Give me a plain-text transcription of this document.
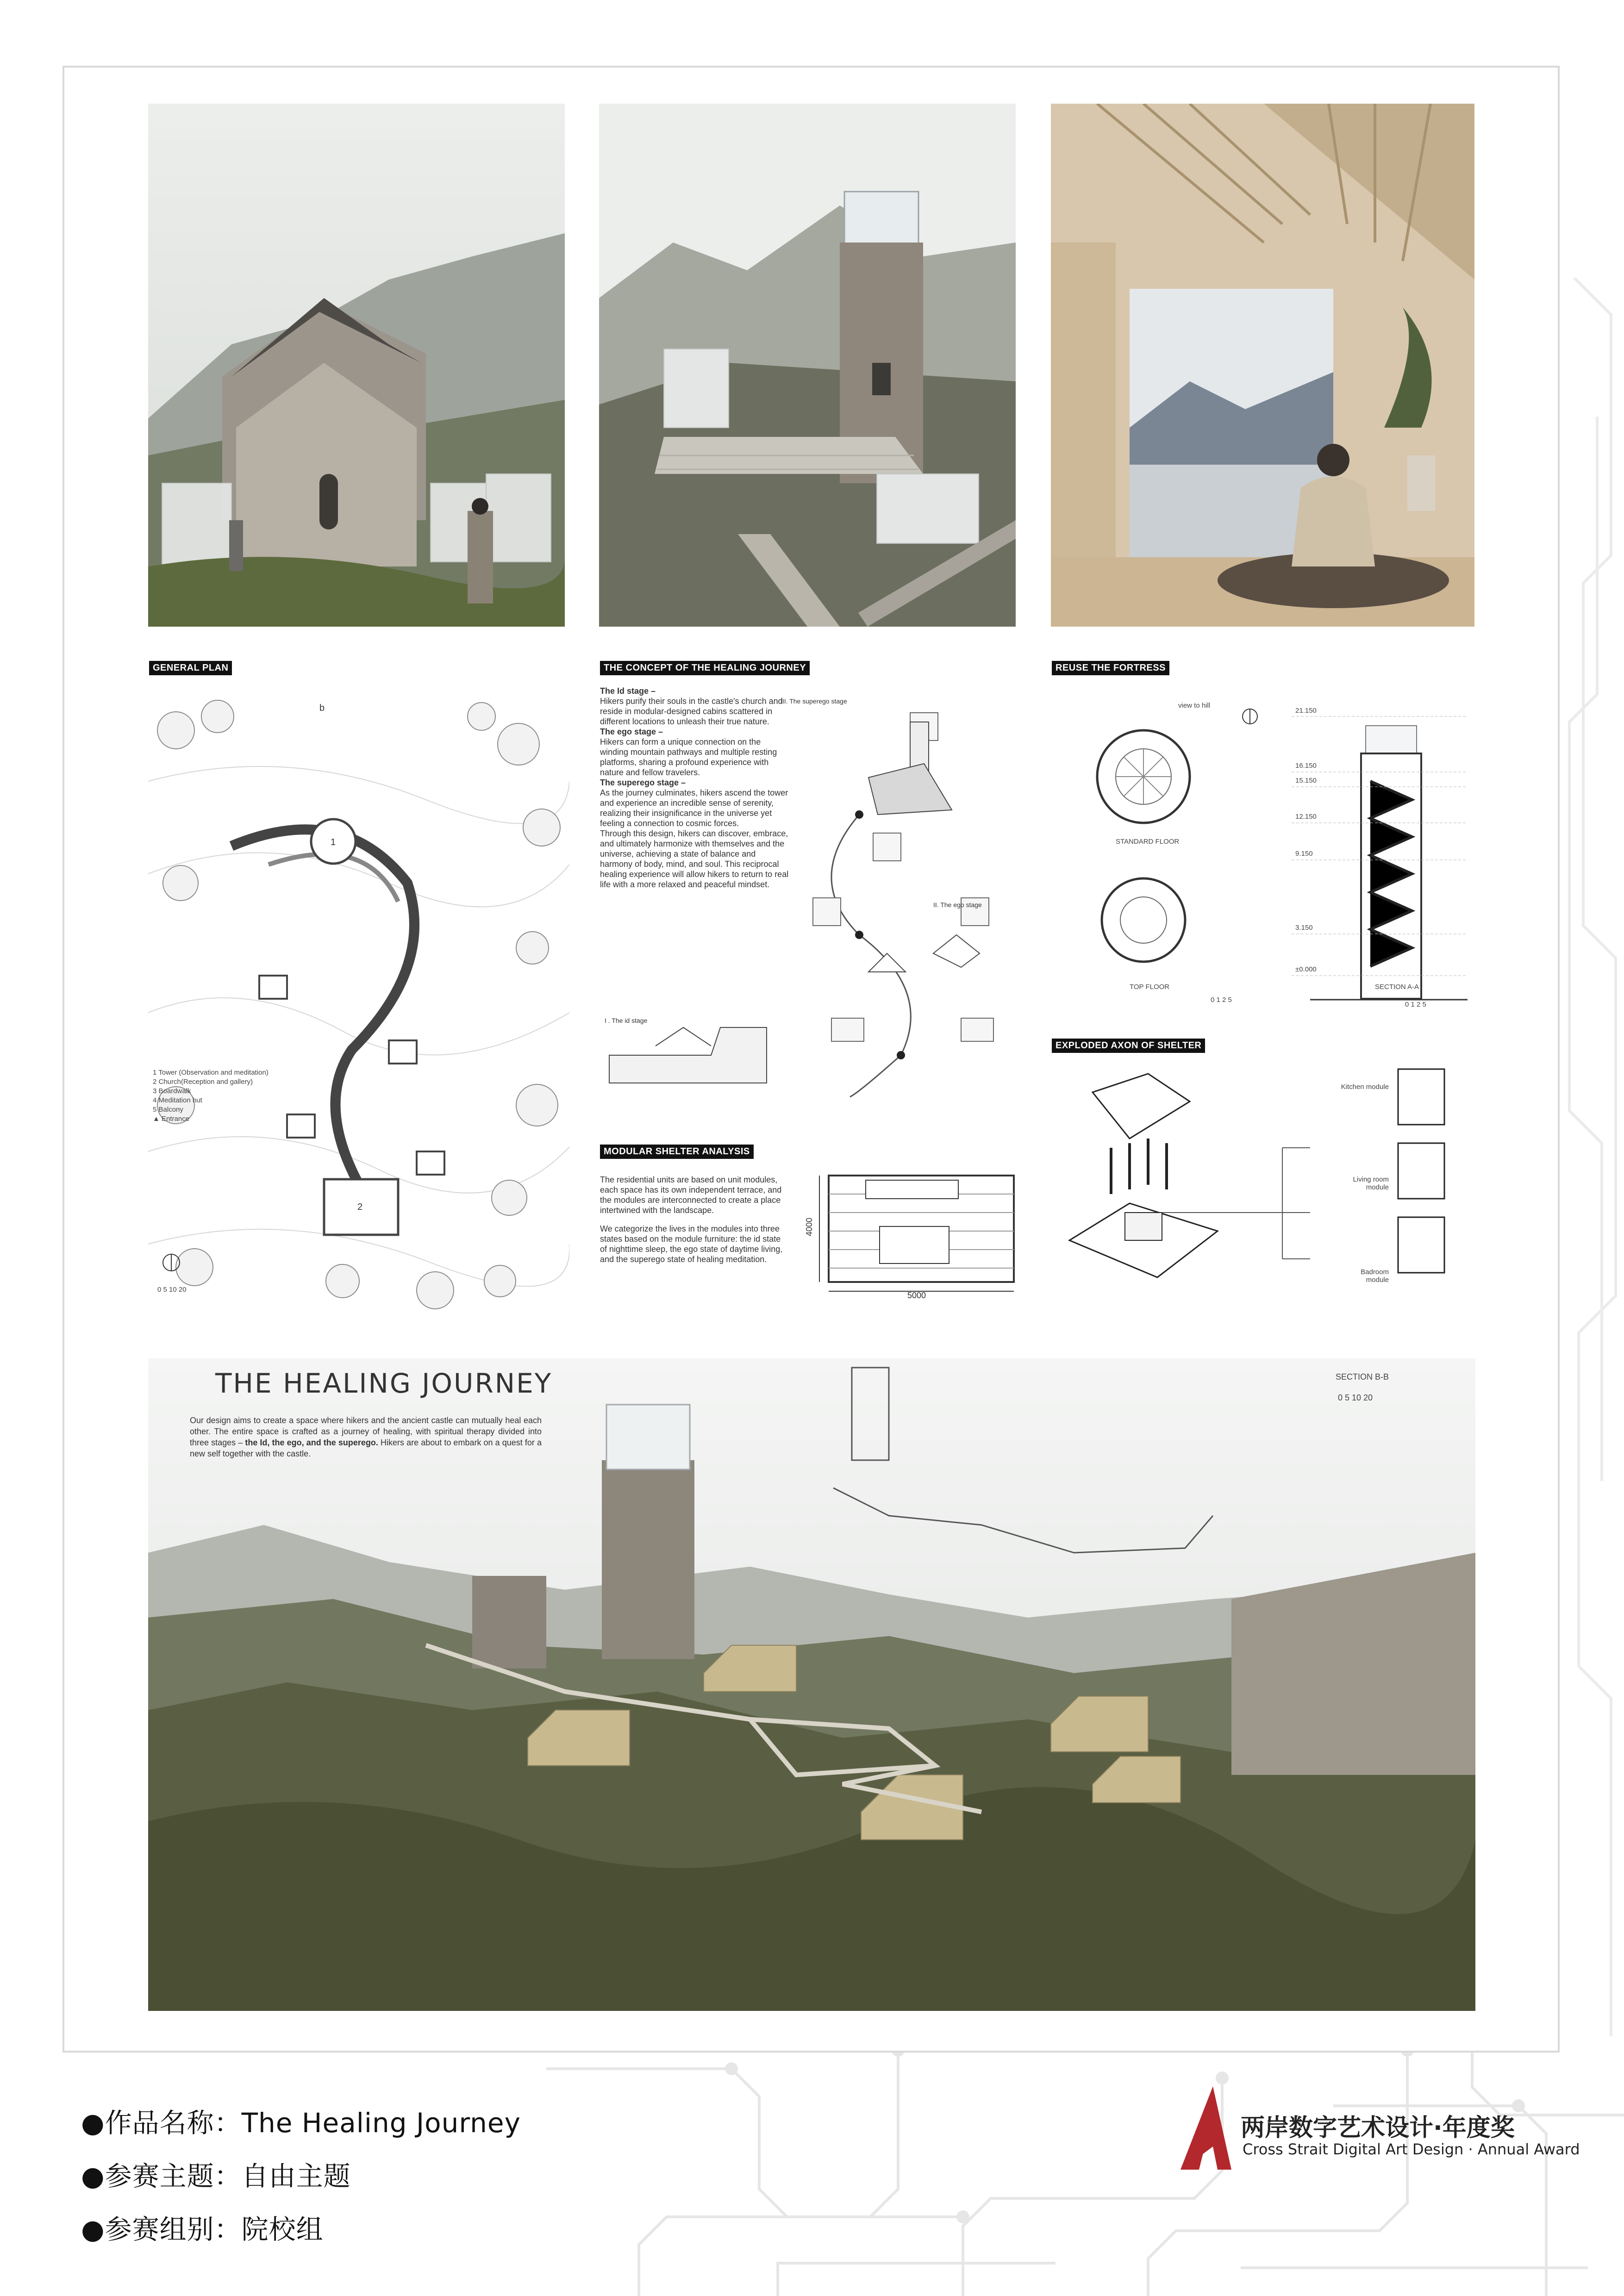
GENERAL PLAN	THE CONCEPT OF THE HEALING JOURNEY	REUSE THE FORTRESS
1
2
b
1 Tower (Observation and meditation)
2 Church(Reception and gallery)
3 Boardwalk
4 Meditation hut
5 Balcony
▲ Entrance
0 5 10 20
The Id stage –
Hikers purify their souls in the castle's church and reside in modular-designed cabins scattered in different locations to unleash their true nature.
The ego stage –
Hikers can form a unique connection on the winding mountain pathways and multiple resting platforms, sharing a profound experience with nature and fellow travelers.
The superego stage –
As the journey culminates, hikers ascend the tower and experience an incredible sense of serenity, realizing their insignificance in the universe yet feeling a connection to cosmic forces.
Through this design, hikers can discover, embrace, and ultimately harmonize with themselves and the universe, achieving a state of balance and harmony of body, mind, and soul. This reciprocal healing experience will allow hikers to return to real life with a more relaxed and peaceful mindset.
III. The superego stage
II. The ego stage
I . The id stage
MODULAR SHELTER ANALYSIS
The residential units are based on unit modules, each space has its own independent terrace, and the modules are interconnected to create a place intertwined with the landscape.
We categorize the lives in the modules into three states based on the module furniture: the id state of nighttime sleep, the ego state of daytime living, and the superego state of healing meditation.
5000
4000
21.150
16.150
15.150
12.150
9.150
3.150
±0.000
view to hill
STANDARD FLOOR
TOP FLOOR	SECTION A-A
0 1 2 5
0 1 2 5
EXPLODED AXON OF SHELTER
Kitchen module
Living room module
Badroom module
THE HEALING JOURNEY
Our design aims to create a space where hikers and the ancient castle can mutually heal each other. The entire space is crafted as a journey of healing, with spiritual therapy divided into three stages – the Id, the ego, and the superego. Hikers are about to embark on a quest for a new self together with the castle.
SECTION B-B
0 5 10 20
●作品名称：The Healing Journey
●参赛主题：自由主题
●参赛组别：院校组
两岸数字艺术设计·年度奖
Cross Strait Digital Art Design · Annual Award
